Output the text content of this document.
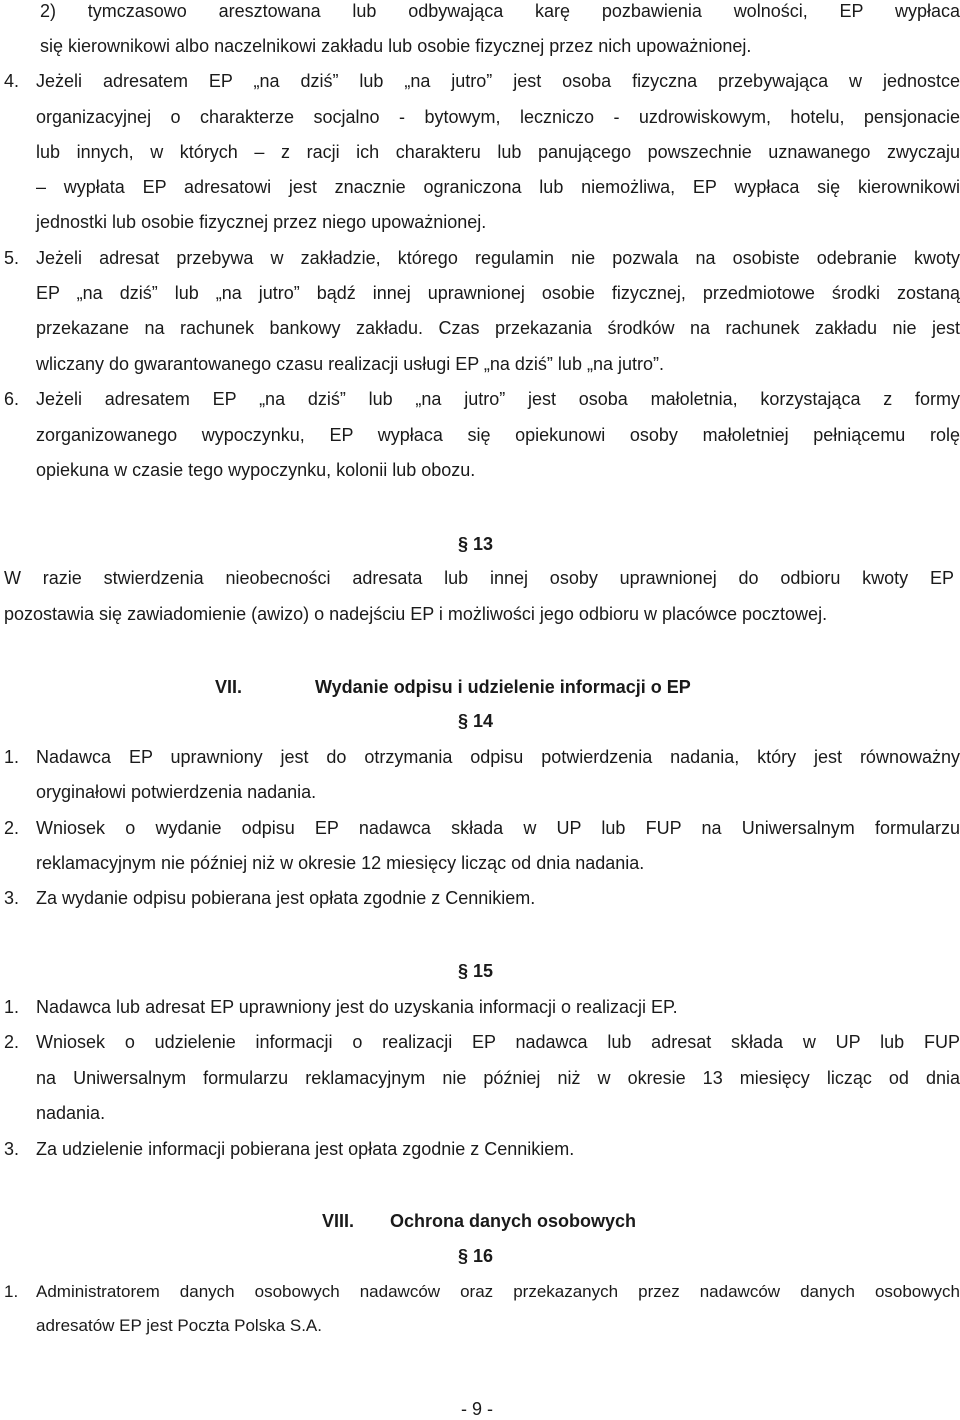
2) tymczasowo aresztowana lub odbywająca karę pozbawienia wolności, EP wypłaca
się kierownikowi albo naczelnikowi zakładu lub osobie fizycznej przez nich upoważnionej.
4. Jeżeli adresatem EP „na dziś” lub „na jutro” jest osoba fizyczna przebywająca w jednostce
organizacyjnej o charakterze socjalno - bytowym, leczniczo - uzdrowiskowym, hotelu, pensjonacie
lub innych, w których – z racji ich charakteru lub panującego powszechnie uznawanego zwyczaju
– wypłata EP adresatowi jest znacznie ograniczona lub niemożliwa, EP wypłaca się kierownikowi
jednostki lub osobie fizycznej przez niego upoważnionej.
5. Jeżeli adresat przebywa w zakładzie, którego regulamin nie pozwala na osobiste odebranie kwoty
EP „na dziś” lub „na jutro” bądź innej uprawnionej osobie fizycznej, przedmiotowe środki zostaną
przekazane na rachunek bankowy zakładu. Czas przekazania środków na rachunek zakładu nie jest
wliczany do gwarantowanego czasu realizacji usługi EP „na dziś” lub „na jutro”.
6. Jeżeli adresatem EP „na dziś” lub „na jutro” jest osoba małoletnia, korzystająca z formy
zorganizowanego wypoczynku, EP wypłaca się opiekunowi osoby małoletniej pełniącemu rolę
opiekuna w czasie tego wypoczynku, kolonii lub obozu.
§ 13
W razie stwierdzenia nieobecności adresata lub innej osoby uprawnionej do odbioru kwoty EP
pozostawia się zawiadomienie (awizo) o nadejściu EP i możliwości jego odbioru w placówce pocztowej.
VII.	Wydanie odpisu i udzielenie informacji o EP
§ 14
1. Nadawca EP uprawniony jest do otrzymania odpisu potwierdzenia nadania, który jest równoważny
oryginałowi potwierdzenia nadania.
2. Wniosek o wydanie odpisu EP nadawca składa w UP lub FUP na Uniwersalnym formularzu
reklamacyjnym nie później niż w okresie 12 miesięcy licząc od dnia nadania.
3. Za wydanie odpisu pobierana jest opłata zgodnie z Cennikiem.
§ 15
1. Nadawca lub adresat EP uprawniony jest do uzyskania informacji o realizacji EP.
2. Wniosek o udzielenie informacji o realizacji EP nadawca lub adresat składa w UP lub FUP
na Uniwersalnym formularzu reklamacyjnym nie później niż w okresie 13 miesięcy licząc od dnia
nadania.
3. Za udzielenie informacji pobierana jest opłata zgodnie z Cennikiem.
VIII. Ochrona danych osobowych
§ 16
1. Administratorem danych osobowych nadawców oraz przekazanych przez nadawców danych osobowych
adresatów EP jest Poczta Polska S.A.
- 9 -
